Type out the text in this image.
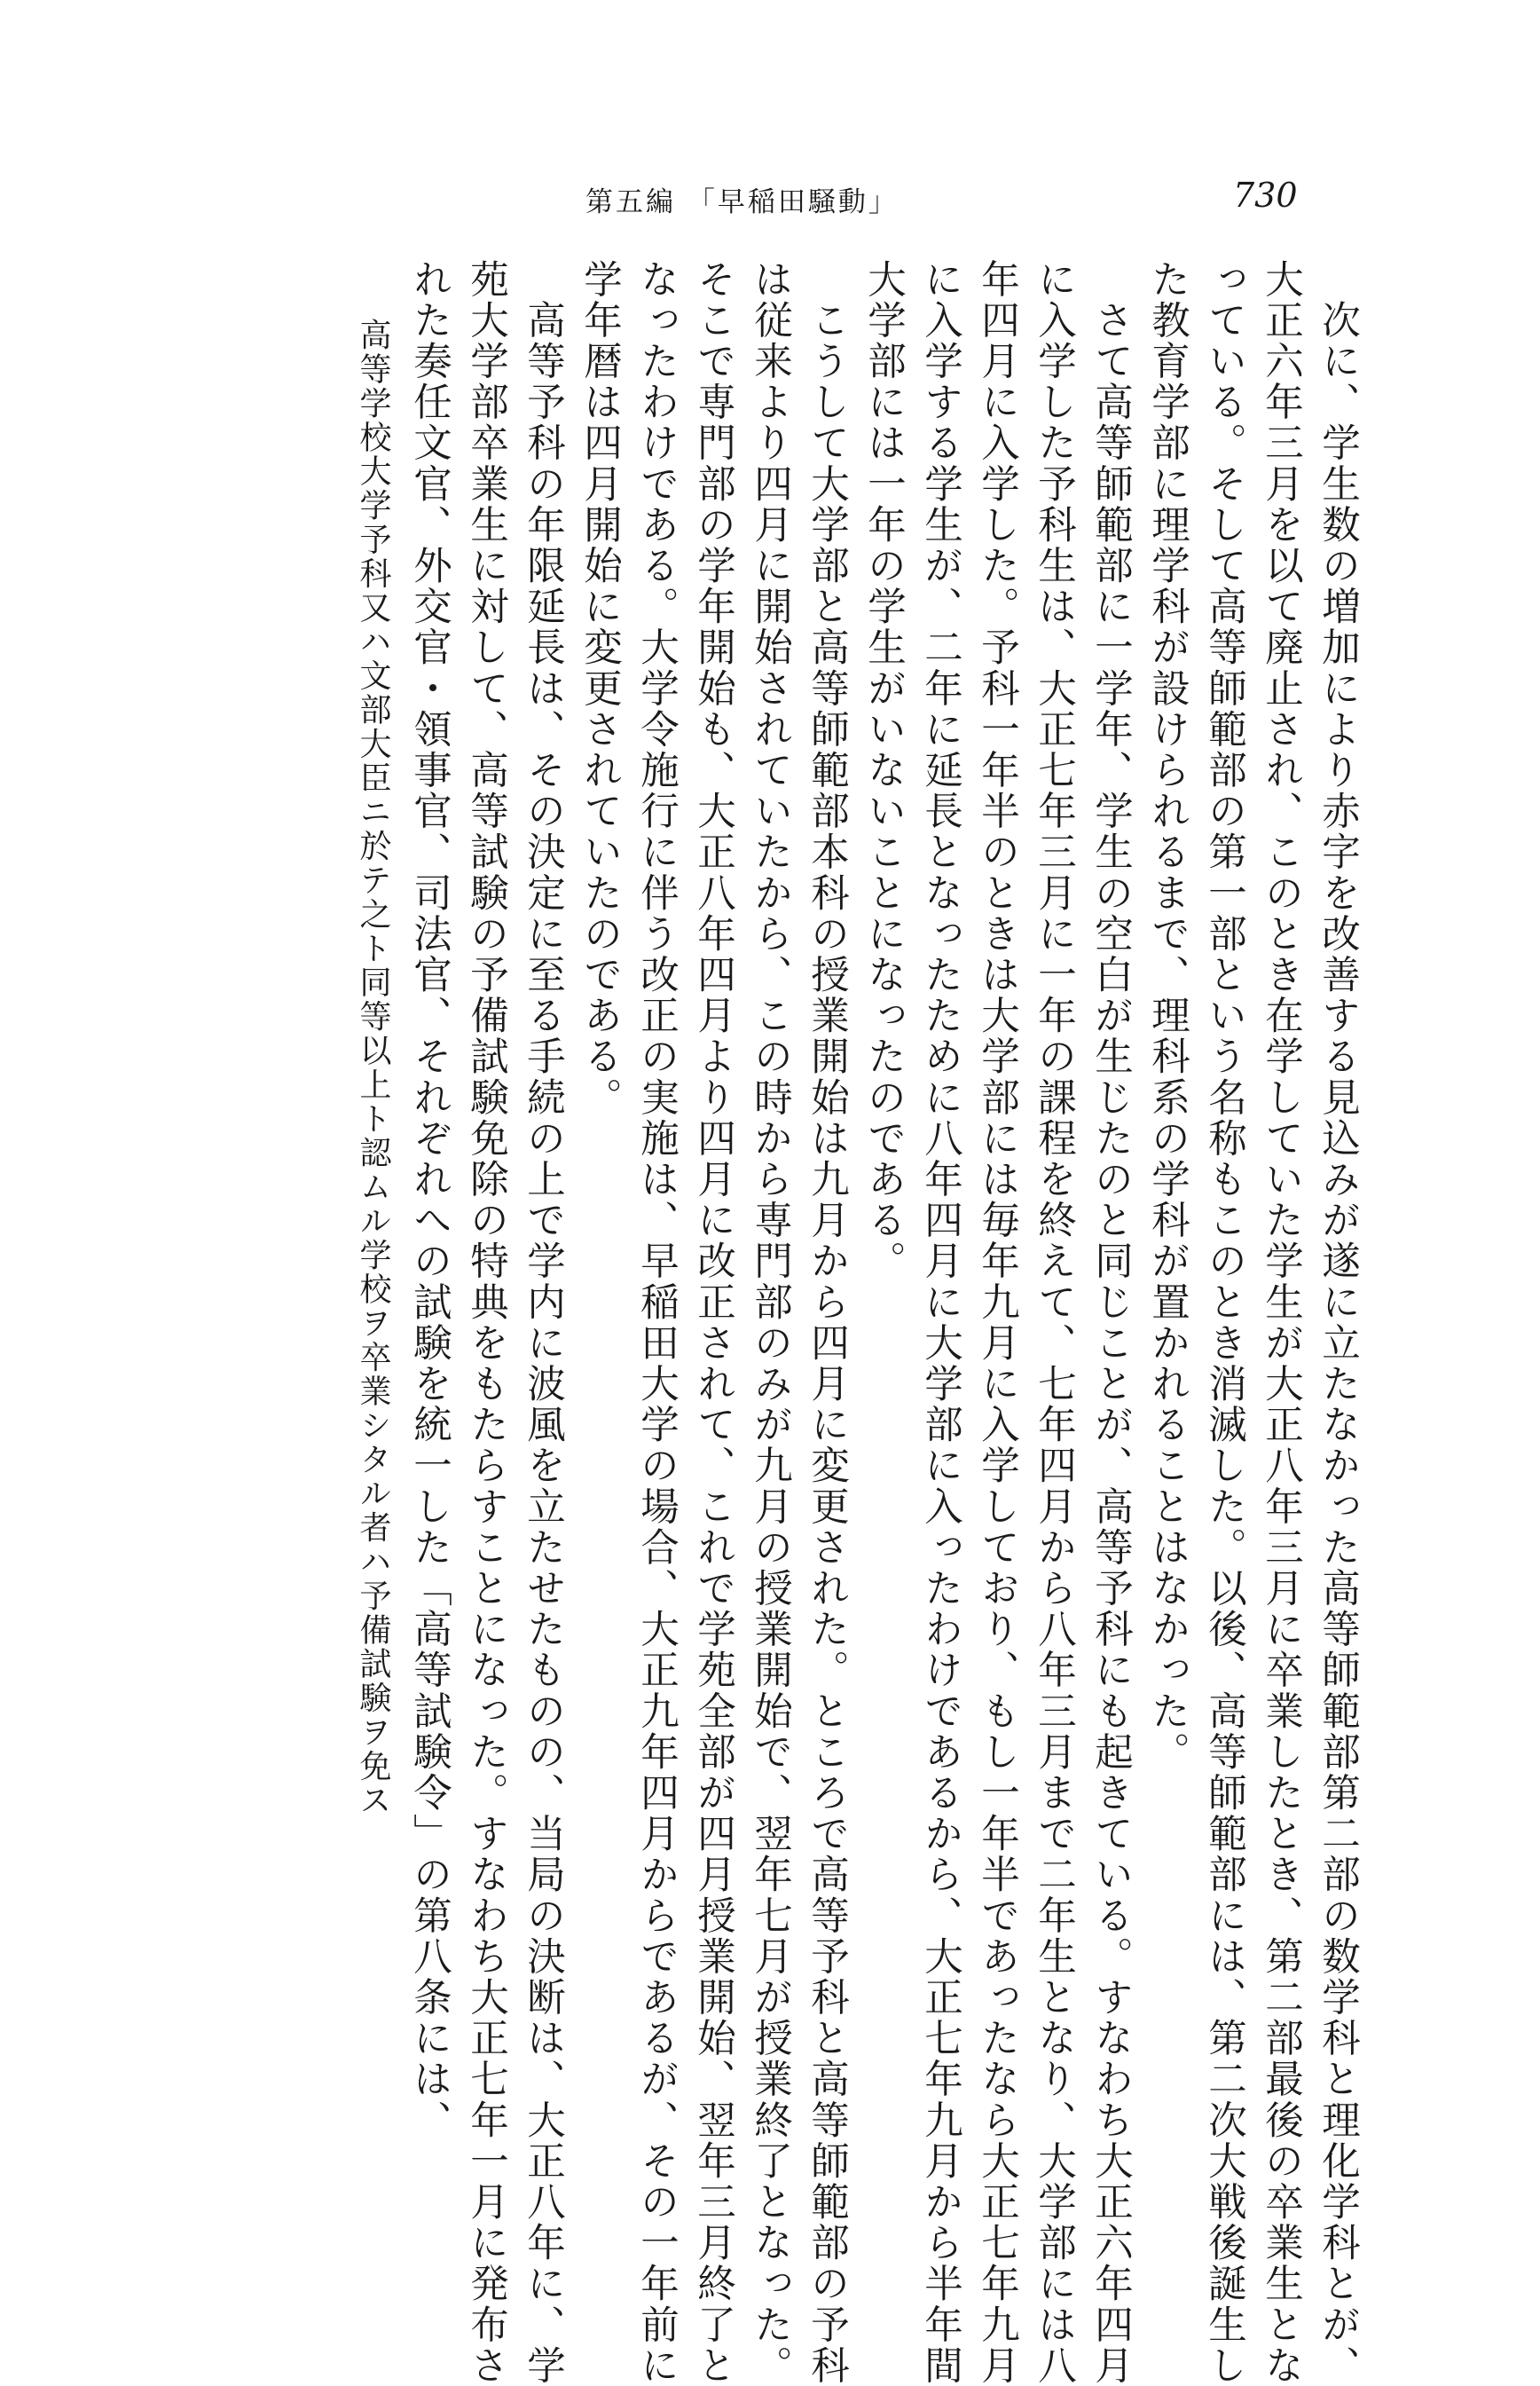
第五編 「早稲田騒動」	730
　次に、学生数の増加により赤字を改善する見込みが遂に立たなかった高等師範部第二部の数学科と理化学科とが、
大正六年三月を以て廃止され、このとき在学していた学生が大正八年三月に卒業したとき、第二部最後の卒業生とな
っている。そして高等師範部の第一部という名称もこのとき消滅した。以後、高等師範部には、第二次大戦後誕生し
た教育学部に理学科が設けられるまで、理科系の学科が置かれることはなかった。
　さて高等師範部に一学年、学生の空白が生じたのと同じことが、高等予科にも起きている。すなわち大正六年四月
に入学した予科生は、大正七年三月に一年の課程を終えて、七年四月から八年三月まで二年生となり、大学部には八
年四月に入学した。予科一年半のときは大学部には毎年九月に入学しており、もし一年半であったなら大正七年九月
に入学する学生が、二年に延長となったために八年四月に大学部に入ったわけであるから、大正七年九月から半年間
大学部には一年の学生がいないことになったのである。
　こうして大学部と高等師範部本科の授業開始は九月から四月に変更された。ところで高等予科と高等師範部の予科
は従来より四月に開始されていたから、この時から専門部のみが九月の授業開始で、翌年七月が授業終了となった。
そこで専門部の学年開始も、大正八年四月より四月に改正されて、これで学苑全部が四月授業開始、翌年三月終了と
なったわけである。大学令施行に伴う改正の実施は、早稲田大学の場合、大正九年四月からであるが、その一年前に
学年暦は四月開始に変更されていたのである。
　高等予科の年限延長は、その決定に至る手続の上で学内に波風を立たせたものの、当局の決断は、大正八年に、学
苑大学部卒業生に対して、高等試験の予備試験免除の特典をもたらすことになった。すなわち大正七年一月に発布さ
れた奏任文官、外交官・領事官、司法官、それぞれへの試験を統一した「高等試験令」の第八条には、
　高等学校大学予科又ハ文部大臣ニ於テ之ト同等以上ト認ムル学校ヲ卒業シタル者ハ予備試験ヲ免ス
